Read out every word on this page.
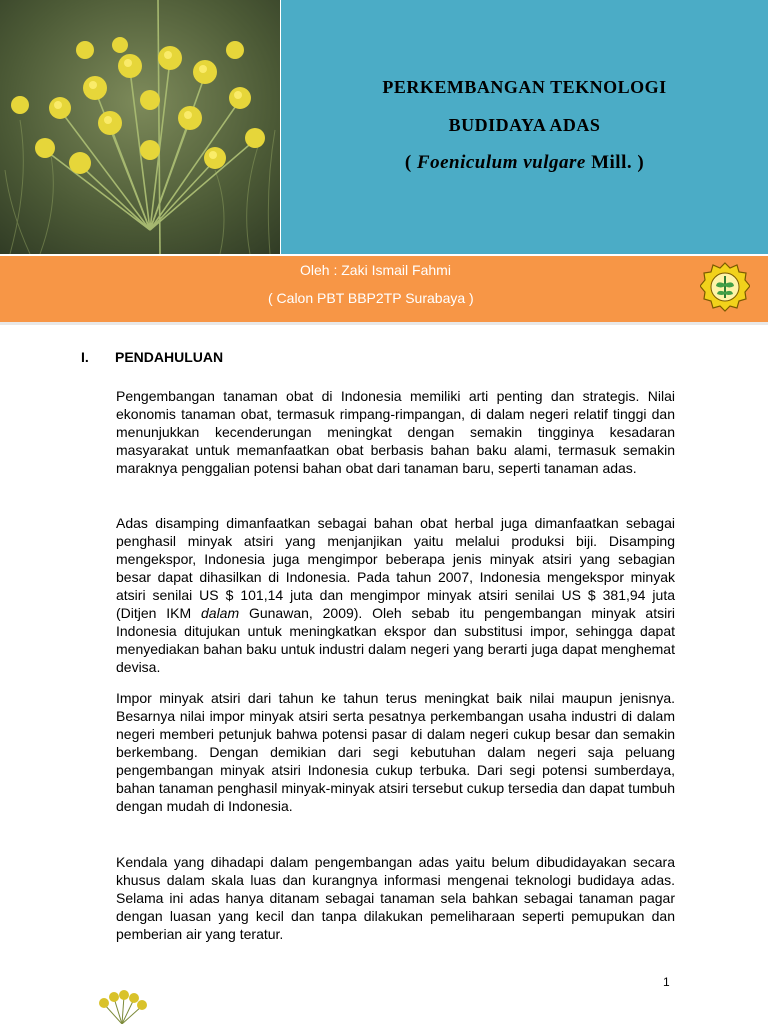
PERKEMBANGAN TEKNOLOGI
BUDIDAYA ADAS
( Foeniculum vulgare Mill. )
Oleh : Zaki Ismail Fahmi
( Calon PBT BBP2TP Surabaya )
I. PENDAHULUAN

Pengembangan tanaman obat di Indonesia memiliki arti penting dan strategis. Nilai ekonomis tanaman obat, termasuk rimpang-rimpangan, di dalam negeri relatif tinggi dan menunjukkan kecenderungan meningkat dengan semakin tingginya kesadaran masyarakat untuk memanfaatkan obat berbasis bahan baku alami, termasuk semakin maraknya penggalian potensi bahan obat dari tanaman baru, seperti tanaman adas.

Adas disamping dimanfaatkan sebagai bahan obat herbal juga dimanfaatkan sebagai penghasil minyak atsiri yang menjanjikan yaitu melalui produksi biji. Disamping mengekspor, Indonesia juga mengimpor beberapa jenis minyak atsiri yang sebagian besar dapat dihasilkan di Indonesia. Pada tahun 2007, Indonesia mengekspor minyak atsiri senilai US $ 101,14 juta dan mengimpor minyak atsiri senilai US $ 381,94 juta (Ditjen IKM dalam Gunawan, 2009). Oleh sebab itu pengembangan minyak atsiri Indonesia ditujukan untuk meningkatkan ekspor dan substitusi impor, sehingga dapat menyediakan bahan baku untuk industri dalam negeri yang berarti juga dapat menghemat devisa.

Impor minyak atsiri dari tahun ke tahun terus meningkat baik nilai maupun jenisnya. Besarnya nilai impor minyak atsiri serta pesatnya perkembangan usaha industri di dalam negeri memberi petunjuk bahwa potensi pasar di dalam negeri cukup besar dan semakin berkembang. Dengan demikian dari segi kebutuhan dalam negeri saja peluang pengembangan minyak atsiri Indonesia cukup terbuka. Dari segi potensi sumberdaya, bahan tanaman penghasil minyak-minyak atsiri tersebut cukup tersedia dan dapat tumbuh dengan mudah di Indonesia.

Kendala yang dihadapi dalam pengembangan adas yaitu belum dibudidayakan secara khusus dalam skala luas dan kurangnya informasi mengenai teknologi budidaya adas. Selama ini adas hanya ditanam sebagai tanaman sela bahkan sebagai tanaman pagar dengan luasan yang kecil dan tanpa dilakukan pemeliharaan seperti pemupukan dan pemberian air yang teratur.

1
